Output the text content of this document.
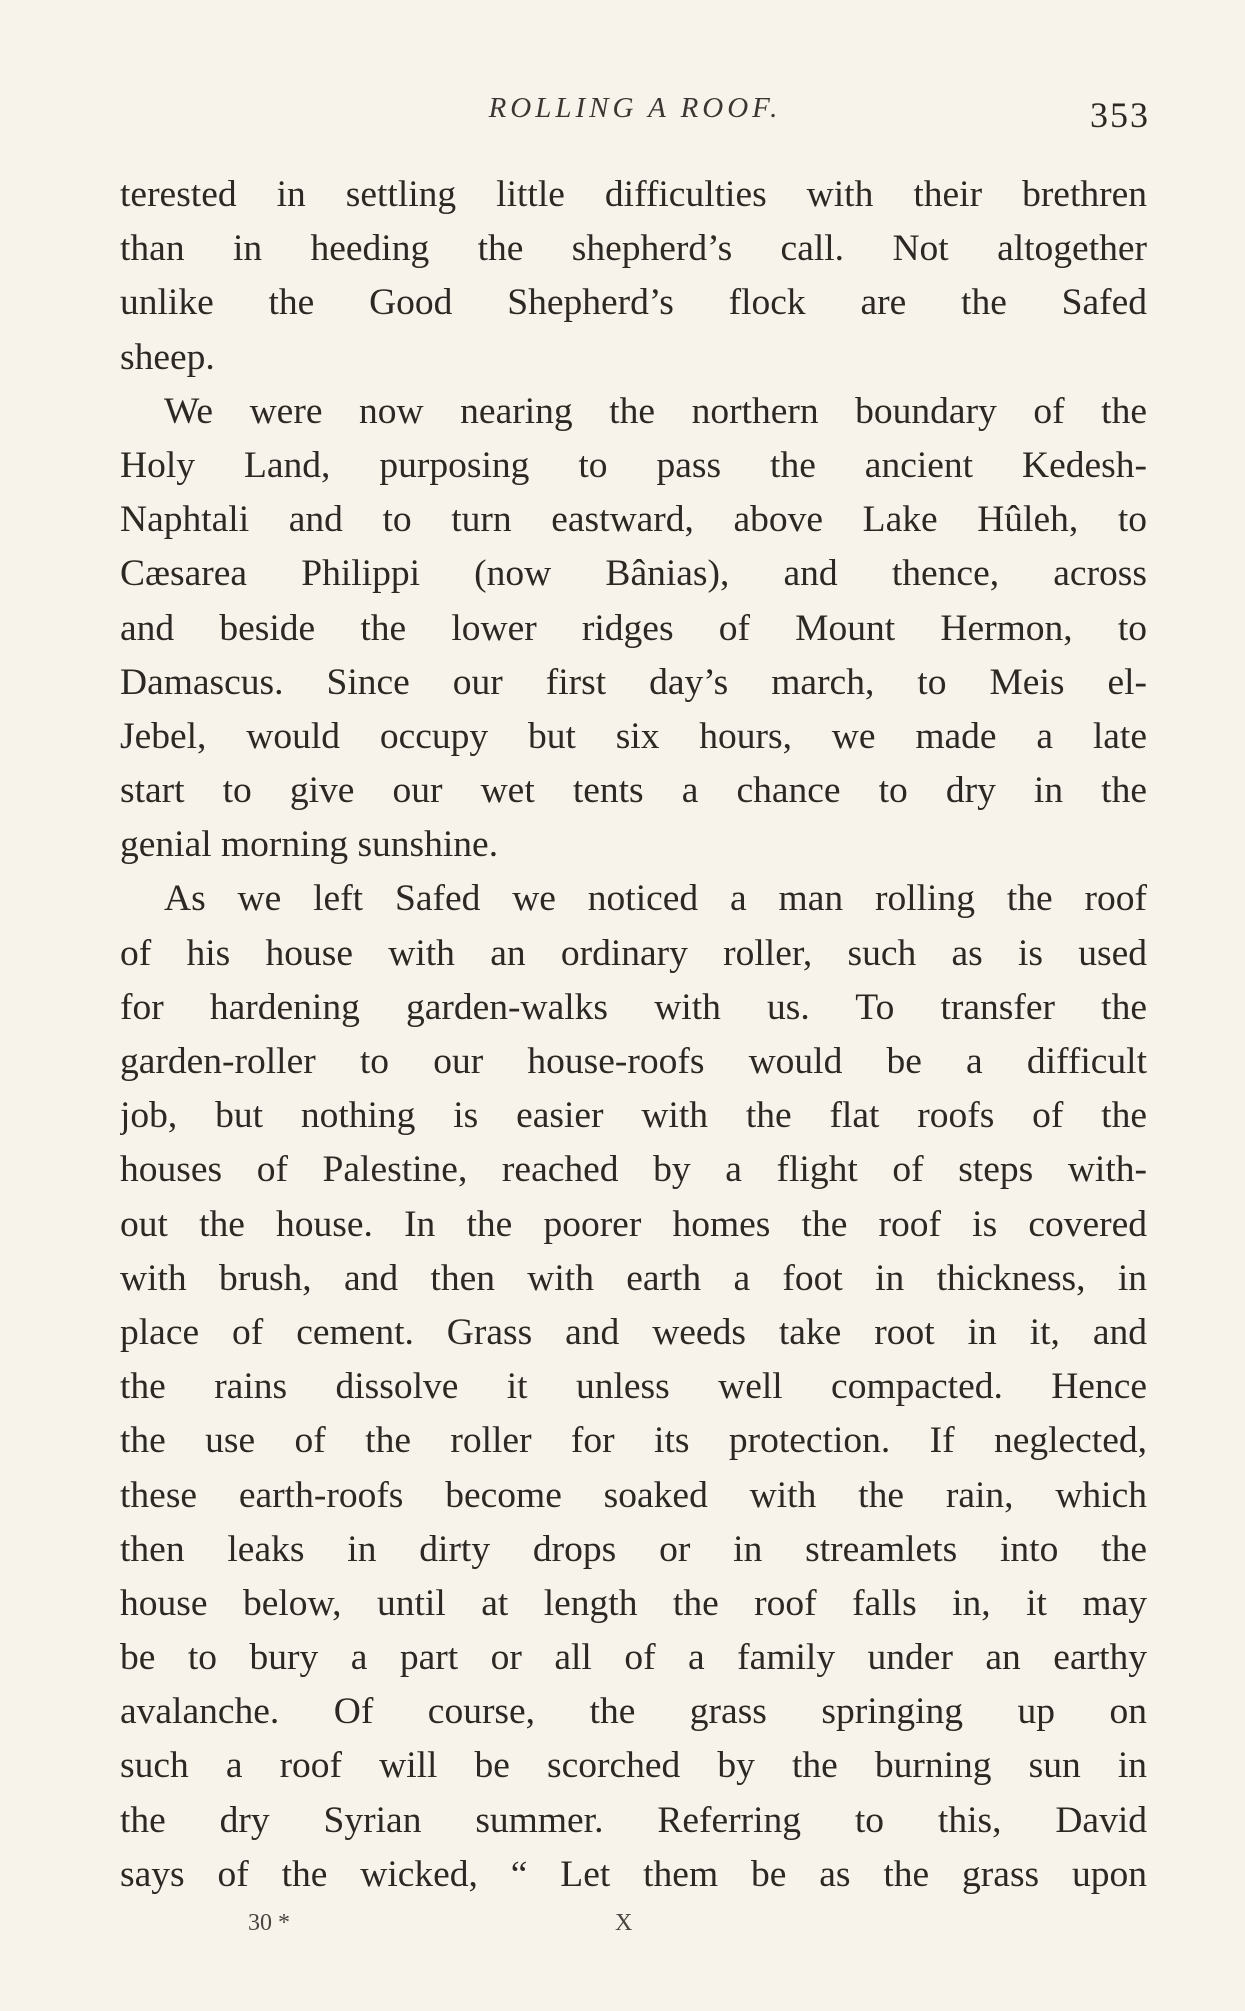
ROLLING A ROOF.	353
terested in settling little difficulties with their brethren
than in heeding the shepherd’s call. Not altogether
unlike the Good Shepherd’s flock are the Safed
sheep.
We were now nearing the northern boundary of the
Holy Land, purposing to pass the ancient Kedesh-
Naphtali and to turn eastward, above Lake Hûleh, to
Cæsarea Philippi (now Bânias), and thence, across
and beside the lower ridges of Mount Hermon, to
Damascus. Since our first day’s march, to Meis el-
Jebel, would occupy but six hours, we made a late
start to give our wet tents a chance to dry in the
genial morning sunshine.
As we left Safed we noticed a man rolling the roof
of his house with an ordinary roller, such as is used
for hardening garden-walks with us. To transfer the
garden-roller to our house-roofs would be a difficult
job, but nothing is easier with the flat roofs of the
houses of Palestine, reached by a flight of steps with-
out the house. In the poorer homes the roof is covered
with brush, and then with earth a foot in thickness, in
place of cement. Grass and weeds take root in it, and
the rains dissolve it unless well compacted. Hence
the use of the roller for its protection. If neglected,
these earth-roofs become soaked with the rain, which
then leaks in dirty drops or in streamlets into the
house below, until at length the roof falls in, it may
be to bury a part or all of a family under an earthy
avalanche. Of course, the grass springing up on
such a roof will be scorched by the burning sun in
the dry Syrian summer. Referring to this, David
says of the wicked, “ Let them be as the grass upon
30 *	X
